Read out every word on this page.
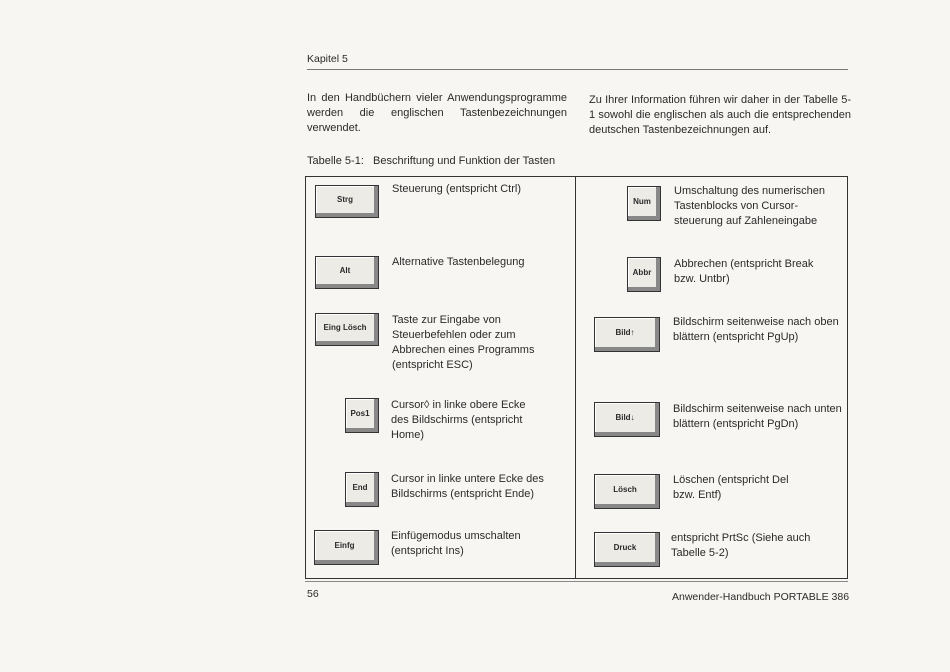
Kapitel 5
In den Handbüchern vieler Anwendungsprogramme werden die englischen Tastenbezeichnungen verwendet.
Zu Ihrer Information führen wir daher in der Tabelle 5-1 sowohl die englischen als auch die entsprechenden deutschen Tastenbezeichnungen auf.
Tabelle 5-1:   Beschriftung und Funktion der Tasten
Strg
Steuerung (entspricht Ctrl)
Alt
Alternative Tastenbelegung
Eing Lösch
Taste zur Eingabe von Steuerbefehlen oder zum Abbrechen eines Programms (entspricht ESC)
Pos1
Cursor◊ in linke obere Ecke des Bildschirms (entspricht Home)
End
Cursor in linke untere Ecke des Bildschirms (entspricht Ende)
Einfg
Einfügemodus umschalten (entspricht Ins)
Num
Umschaltung des numerischen Tastenblocks von Cursor-steuerung auf Zahleneingabe
Abbr
Abbrechen (entspricht Break bzw. Untbr)
Bild↑
Bildschirm seitenweise nach oben blättern (entspricht PgUp)
Bild↓
Bildschirm seitenweise nach unten blättern (entspricht PgDn)
Lösch
Löschen (entspricht Del bzw. Entf)
Druck
entspricht PrtSc (Siehe auch Tabelle 5-2)
56	Anwender-Handbuch PORTABLE 386
